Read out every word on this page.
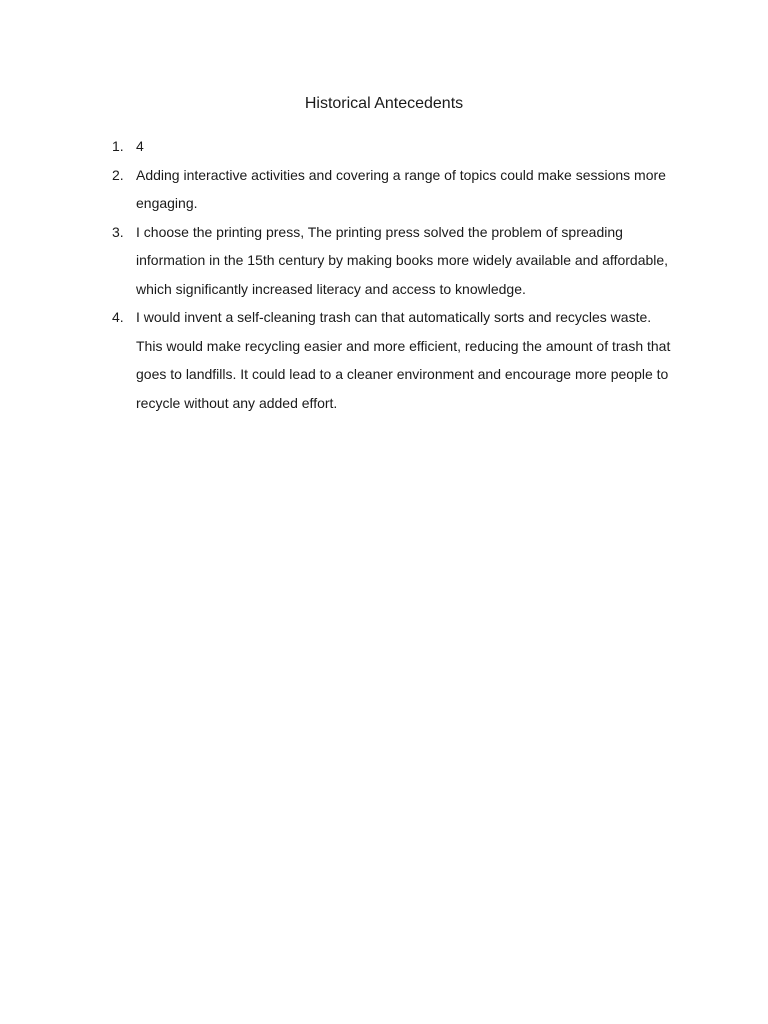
Historical Antecedents
1. 4
2. Adding interactive activities and covering a range of topics could make sessions more engaging.
3. I choose the printing press, The printing press solved the problem of spreading information in the 15th century by making books more widely available and affordable, which significantly increased literacy and access to knowledge.
4. I would invent a self-cleaning trash can that automatically sorts and recycles waste. This would make recycling easier and more efficient, reducing the amount of trash that goes to landfills. It could lead to a cleaner environment and encourage more people to recycle without any added effort.
